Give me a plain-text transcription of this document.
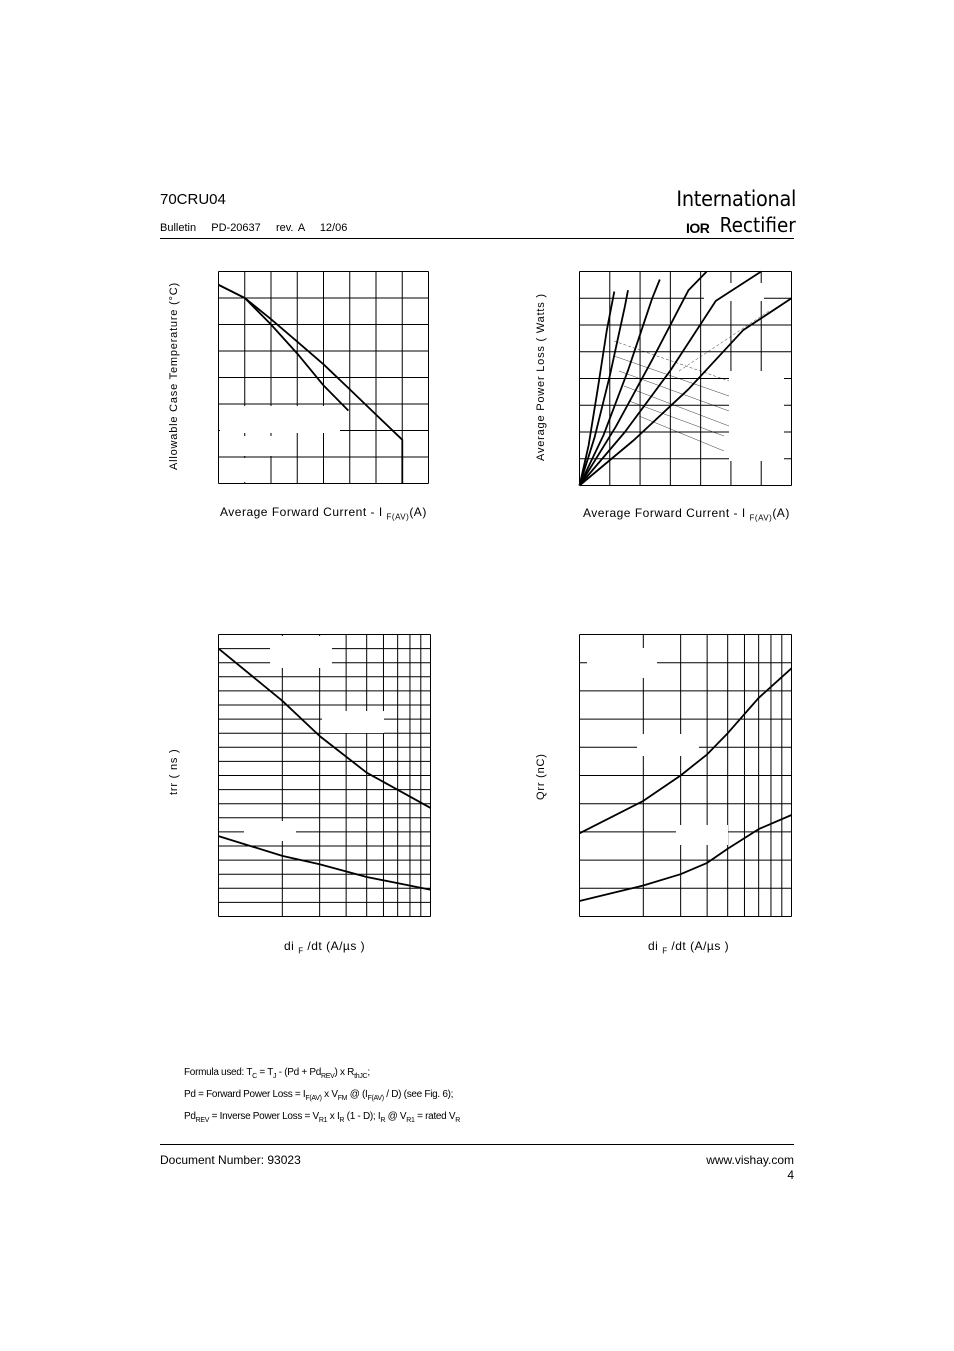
70CRU04
Bulletin   PD-20637   rev. A   12/06
International
IOR Rectifier
Allowable Case Temperature (°C)
Average Forward Current - I $_{F(AV)}$(A)
Average Power Loss ( Watts )
Average Forward Current - I $_{F(AV)}$(A)
trr ( ns )
di $_F$ /dt (A/µs )
Qrr (nC)
di $_F$ /dt (A/µs )
Formula used: $T_C = T_J - (Pd + Pd_{REV})$ x $R_{thJC}$;
Pd = Forward Power Loss = $I_{F(AV)}$ x $V_{FM}$ @ $(I_{F(AV)} / D)$ (see Fig. 6);
$Pd_{REV}$ = Inverse Power Loss = $V_{R1}$ x $I_R$ (1 - D); $I_R$ @ $V_{R1}$ = rated $V_R$
Document Number: 93023	www.vishay.com
4
